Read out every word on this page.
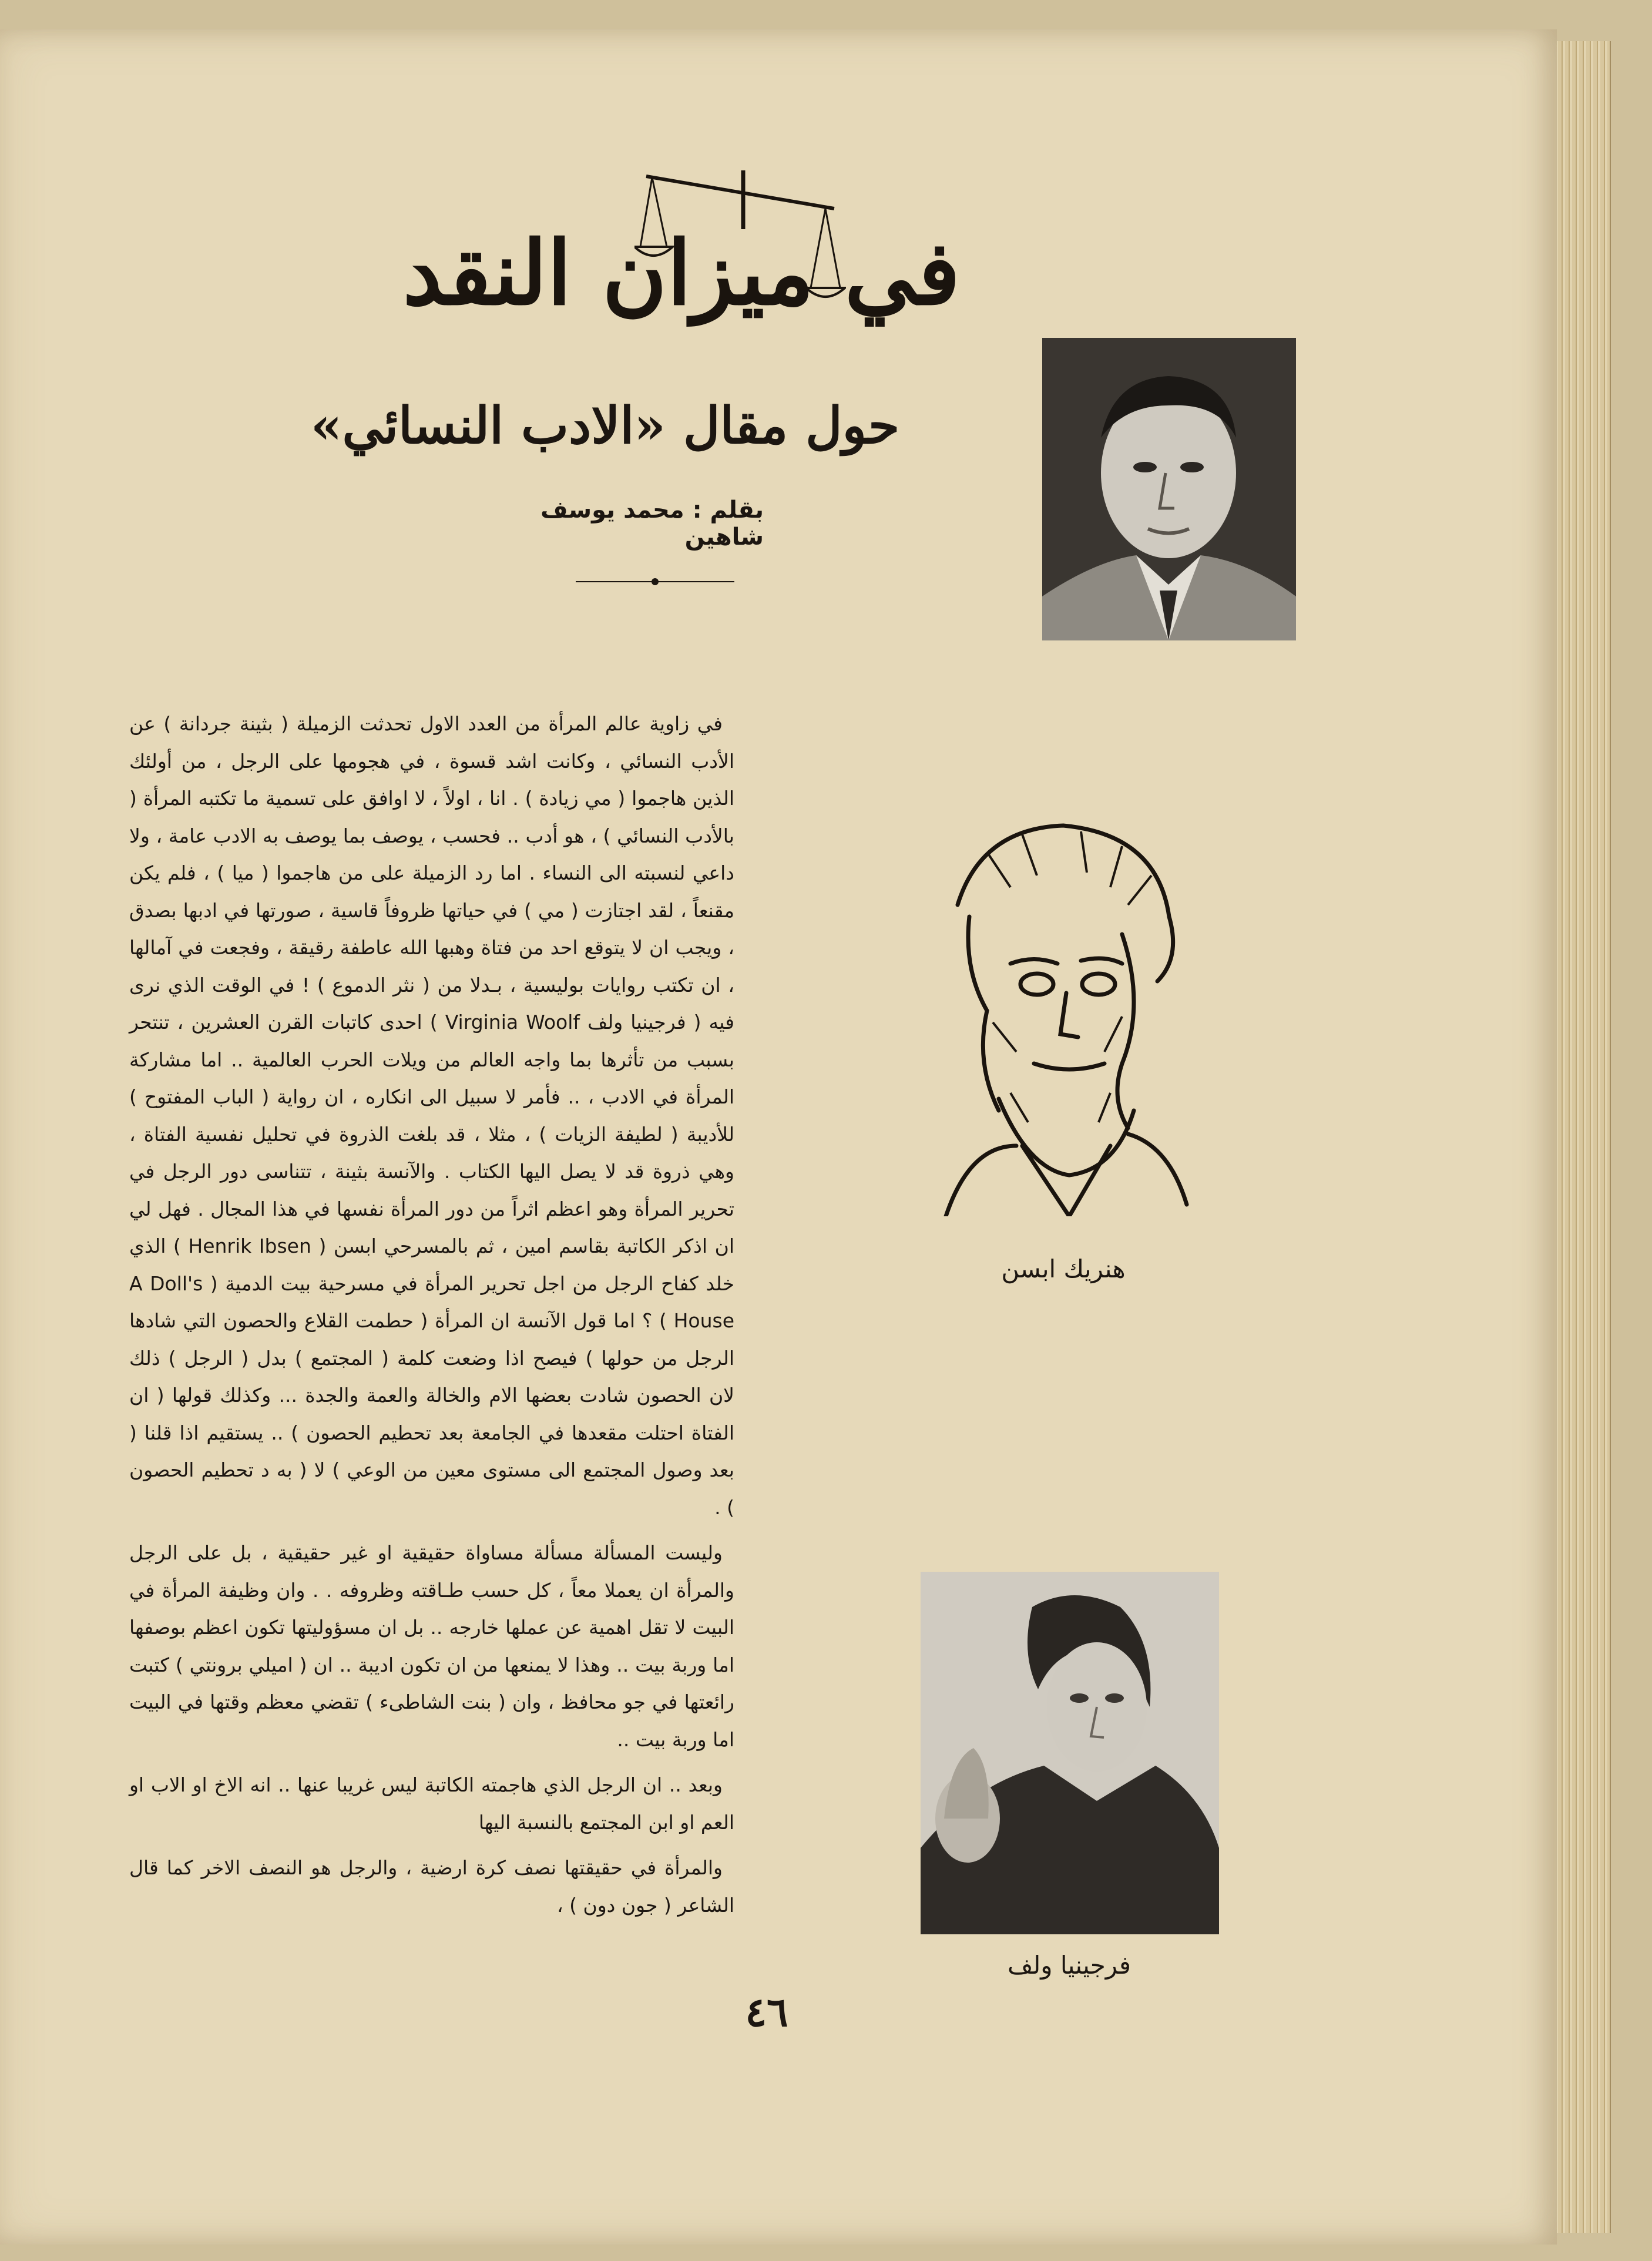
في ميزان النقد
حول مقال «الادب النسائي»
بقلم : محمد يوسف شاهين
هنريك ابسن
فرجينيا ولف

في زاوية عالم المرأة من العدد الاول تحدثت الزميلة ( بثينة جردانة ) عن الأدب النسائي ، وكانت اشد قسوة ، في هجومها على الرجل ، من أولئك الذين هاجموا ( مي زيادة ) . انا ، اولاً ، لا اوافق على تسمية ما تكتبه المرأة ( بالأدب النسائي ) ، هو أدب .. فحسب ، يوصف بما يوصف به الادب عامة ، ولا داعي لنسبته الى النساء . اما رد الزميلة على من هاجموا ( ميا ) ، فلم يكن مقنعاً ، لقد اجتازت ( مي ) في حياتها ظروفاً قاسية ، صورتها في ادبها بصدق ، ويجب ان لا يتوقع احد من فتاة وهبها الله عاطفة رقيقة ، وفجعت في آمالها ، ان تكتب روايات بوليسية ، بـدلا من ( نثر الدموع ) ! في الوقت الذي نرى فيه ( فرجينيا ولف Virginia Woolf ) احدى كاتبات القرن العشرين ، تنتحر بسبب من تأثرها بما واجه العالم من ويلات الحرب العالمية .. اما مشاركة المرأة في الادب ، .. فأمر لا سبيل الى انكاره ، ان رواية ( الباب المفتوح ) للأديبة ( لطيفة الزيات ) ، مثلا ، قد بلغت الذروة في تحليل نفسية الفتاة ، وهي ذروة قد لا يصل اليها الكتاب . والآنسة بثينة ، تتناسى دور الرجل في تحرير المرأة وهو اعظم اثراً من دور المرأة نفسها في هذا المجال . فهل لي ان اذكر الكاتبة بقاسم امين ، ثم بالمسرحي ابسن ( Henrik Ibsen ) الذي خلد كفاح الرجل من اجل تحرير المرأة في مسرحية بيت الدمية ( A Doll's House ) ؟ اما قول الآنسة ان المرأة ( حطمت القلاع والحصون التي شادها الرجل من حولها ) فيصح اذا وضعت كلمة ( المجتمع ) بدل ( الرجل ) ذلك لان الحصون شادت بعضها الام والخالة والعمة والجدة ... وكذلك قولها ( ان الفتاة احتلت مقعدها في الجامعة بعد تحطيم الحصون ) .. يستقيم اذا قلنا ( بعد وصول المجتمع الى مستوى معين من الوعي ) لا ( به د تحطيم الحصون ) .

وليست المسألة مسألة مساواة حقيقية او غير حقيقية ، بل على الرجل والمرأة ان يعملا معاً ، كل حسب طـاقته وظروفه . . وان وظيفة المرأة في البيت لا تقل اهمية عن عملها خارجه .. بل ان مسؤوليتها تكون اعظم بوصفها اما وربة بيت .. وهذا لا يمنعها من ان تكون اديبة .. ان ( اميلي برونتي ) كتبت رائعتها في جو محافظ ، وان ( بنت الشاطىء ) تقضي معظم وقتها في البيت اما وربة بيت ..

وبعد .. ان الرجل الذي هاجمته الكاتبة ليس غريبا عنها .. انه الاخ او الاب او العم او ابن المجتمع بالنسبة اليها

والمرأة في حقيقتها نصف كرة ارضية ، والرجل هو النصف الاخر كما قال الشاعر ( جون دون ) ،

٤٦
